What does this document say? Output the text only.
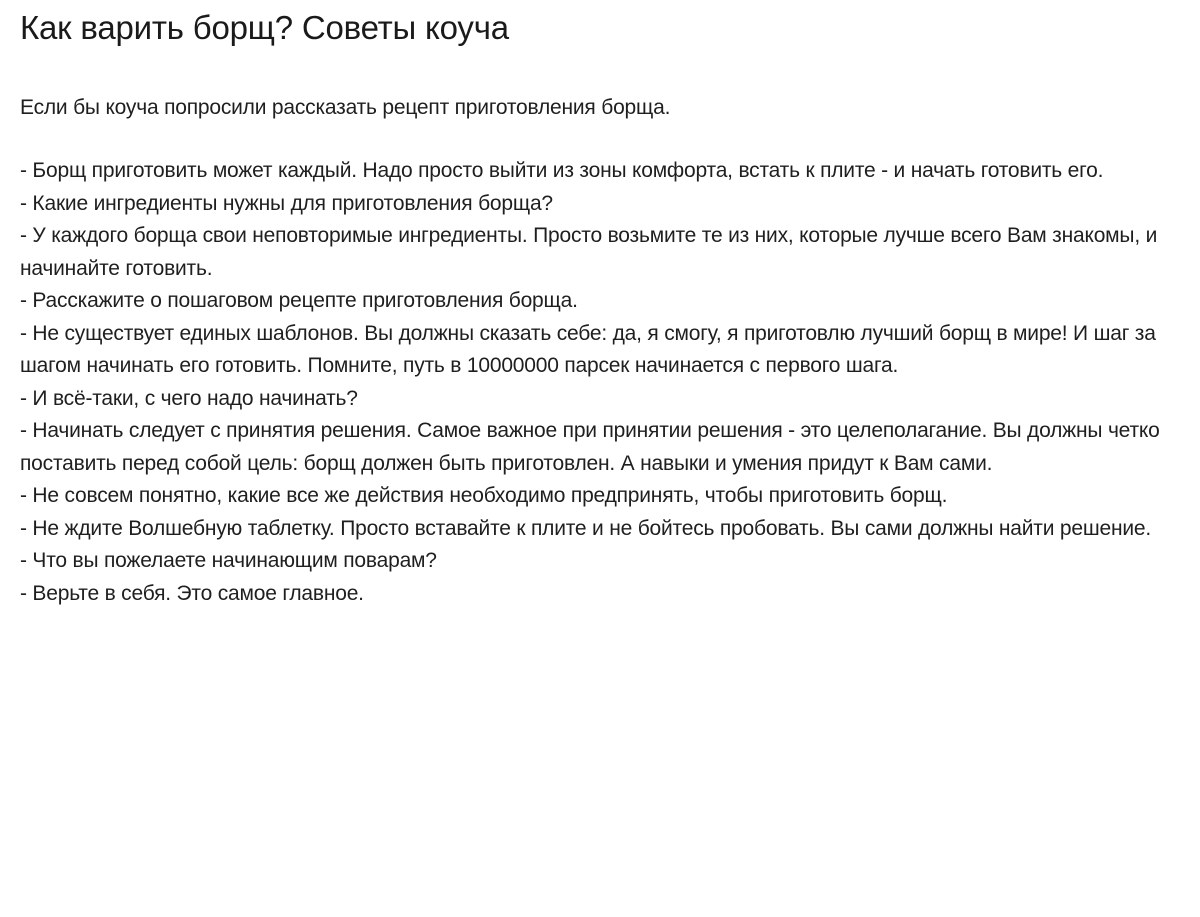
Как варить борщ? Советы коуча

Если бы коуча попросили рассказать рецепт приготовления борща.

- Борщ приготовить может каждый. Надо просто выйти из зоны комфорта, встать к плите - и начать готовить его.
- Какие ингредиенты нужны для приготовления борща?
- У каждого борща свои неповторимые ингредиенты. Просто возьмите те из них, которые лучше всего Вам знакомы, и начинайте готовить.
- Расскажите о пошаговом рецепте приготовления борща.
- Не существует единых шаблонов. Вы должны сказать себе: да, я смогу, я приготовлю лучший борщ в мире! И шаг за шагом начинать его готовить. Помните, путь в 10000000 парсек начинается с первого шага.
- И всё-таки, с чего надо начинать?
- Начинать следует с принятия решения. Самое важное при принятии решения - это целеполагание. Вы должны четко поставить перед собой цель: борщ должен быть приготовлен. А навыки и умения придут к Вам сами.
- Не совсем понятно, какие все же действия необходимо предпринять, чтобы приготовить борщ.
- Не ждите Волшебную таблетку. Просто вставайте к плите и не бойтесь пробовать. Вы сами должны найти решение.
- Что вы пожелаете начинающим поварам?
- Верьте в себя. Это самое главное.
